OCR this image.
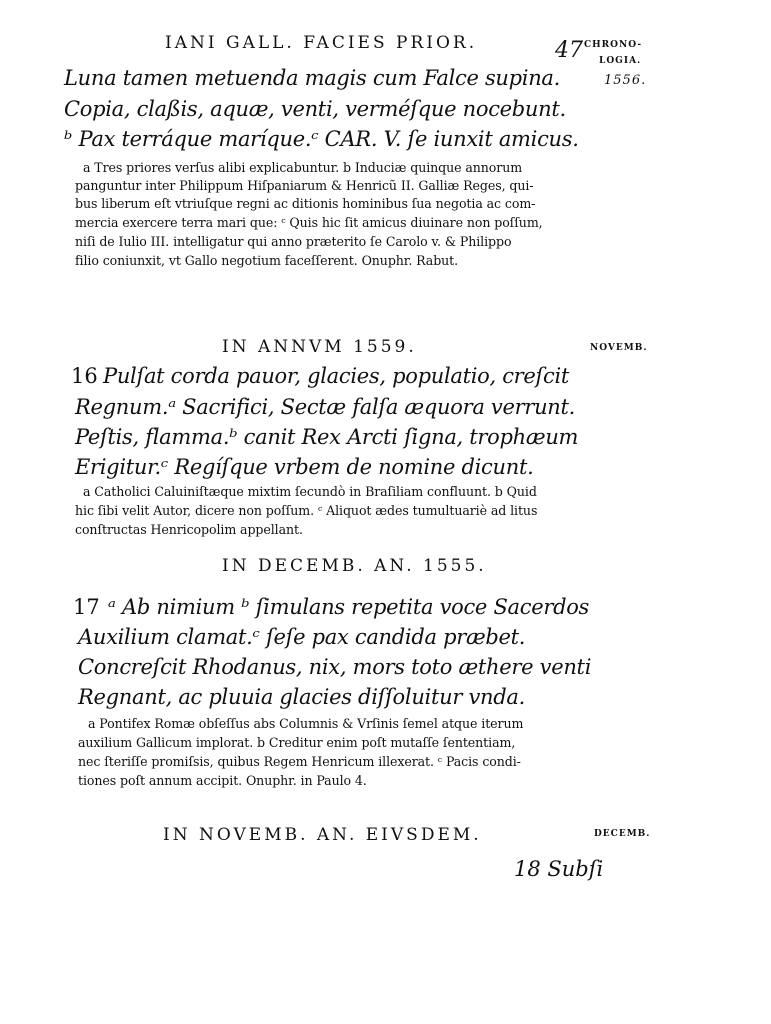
IANI GALL. FACIES PRIOR.	47 CHRONO-
LOGIA.
1556.
Luna tamen metuenda magis cum Falce supina.
Copia, claßis, aquæ, venti, verméſque nocebunt.
ᵇ Pax terráque maríque.ᶜ CAR. V. ſe iunxit amicus.
a Tres priores verſus alibi explicabuntur. b Induciæ quinque annorum
panguntur inter Philippum Hiſpaniarum & Henricũ II. Galliæ Reges, qui-
bus liberum eſt vtriuſque regni ac ditionis hominibus ſua negotia ac com-
mercia exercere terra mari que: ᶜ Quis hic ſit amicus diuinare non poſſum,
niſi de Iulio III. intelligatur qui anno præterito ſe Carolo v. & Philippo
filio coniunxit, vt Gallo negotium faceſſerent. Onuphr. Rabut.
IN ANNVM 1559.	NOVEMB.
16 Pulſat corda pauor, glacies, populatio, creſcit
Regnum.ᵃ Sacrifici, Sectæ falſa æquora verrunt.
Peſtis, flamma.ᵇ canit Rex Arcti ſigna, trophæum
Erigitur.ᶜ Regíſque vrbem de nomine dicunt.
a Catholici Caluiniſtæque mixtim ſecundò in Braſiliam confluunt. b Quid
hic ſibi velit Autor, dicere non poſſum. ᶜ Aliquot ædes tumultuariè ad litus
conſtructas Henricopolim appellant.
IN DECEMB. AN. 1555.
17 ᵃ Ab nimium ᵇ ſimulans repetita voce Sacerdos
Auxilium clamat.ᶜ ſeſe pax candida præbet.
Concreſcit Rhodanus, nix, mors toto æthere venti
Regnant, ac pluuia glacies diſſoluitur vnda.
a Pontifex Romæ obſeſſus abs Columnis & Vrſinis ſemel atque iterum
auxilium Gallicum implorat. b Creditur enim poſt mutaſſe ſententiam,
nec ſteriſſe promiſsis, quibus Regem Henricum illexerat. ᶜ Pacis condi-
tiones poſt annum accipit. Onuphr. in Paulo 4.
IN NOVEMB. AN. EIVSDEM.	DECEMB.
18 Subſi
